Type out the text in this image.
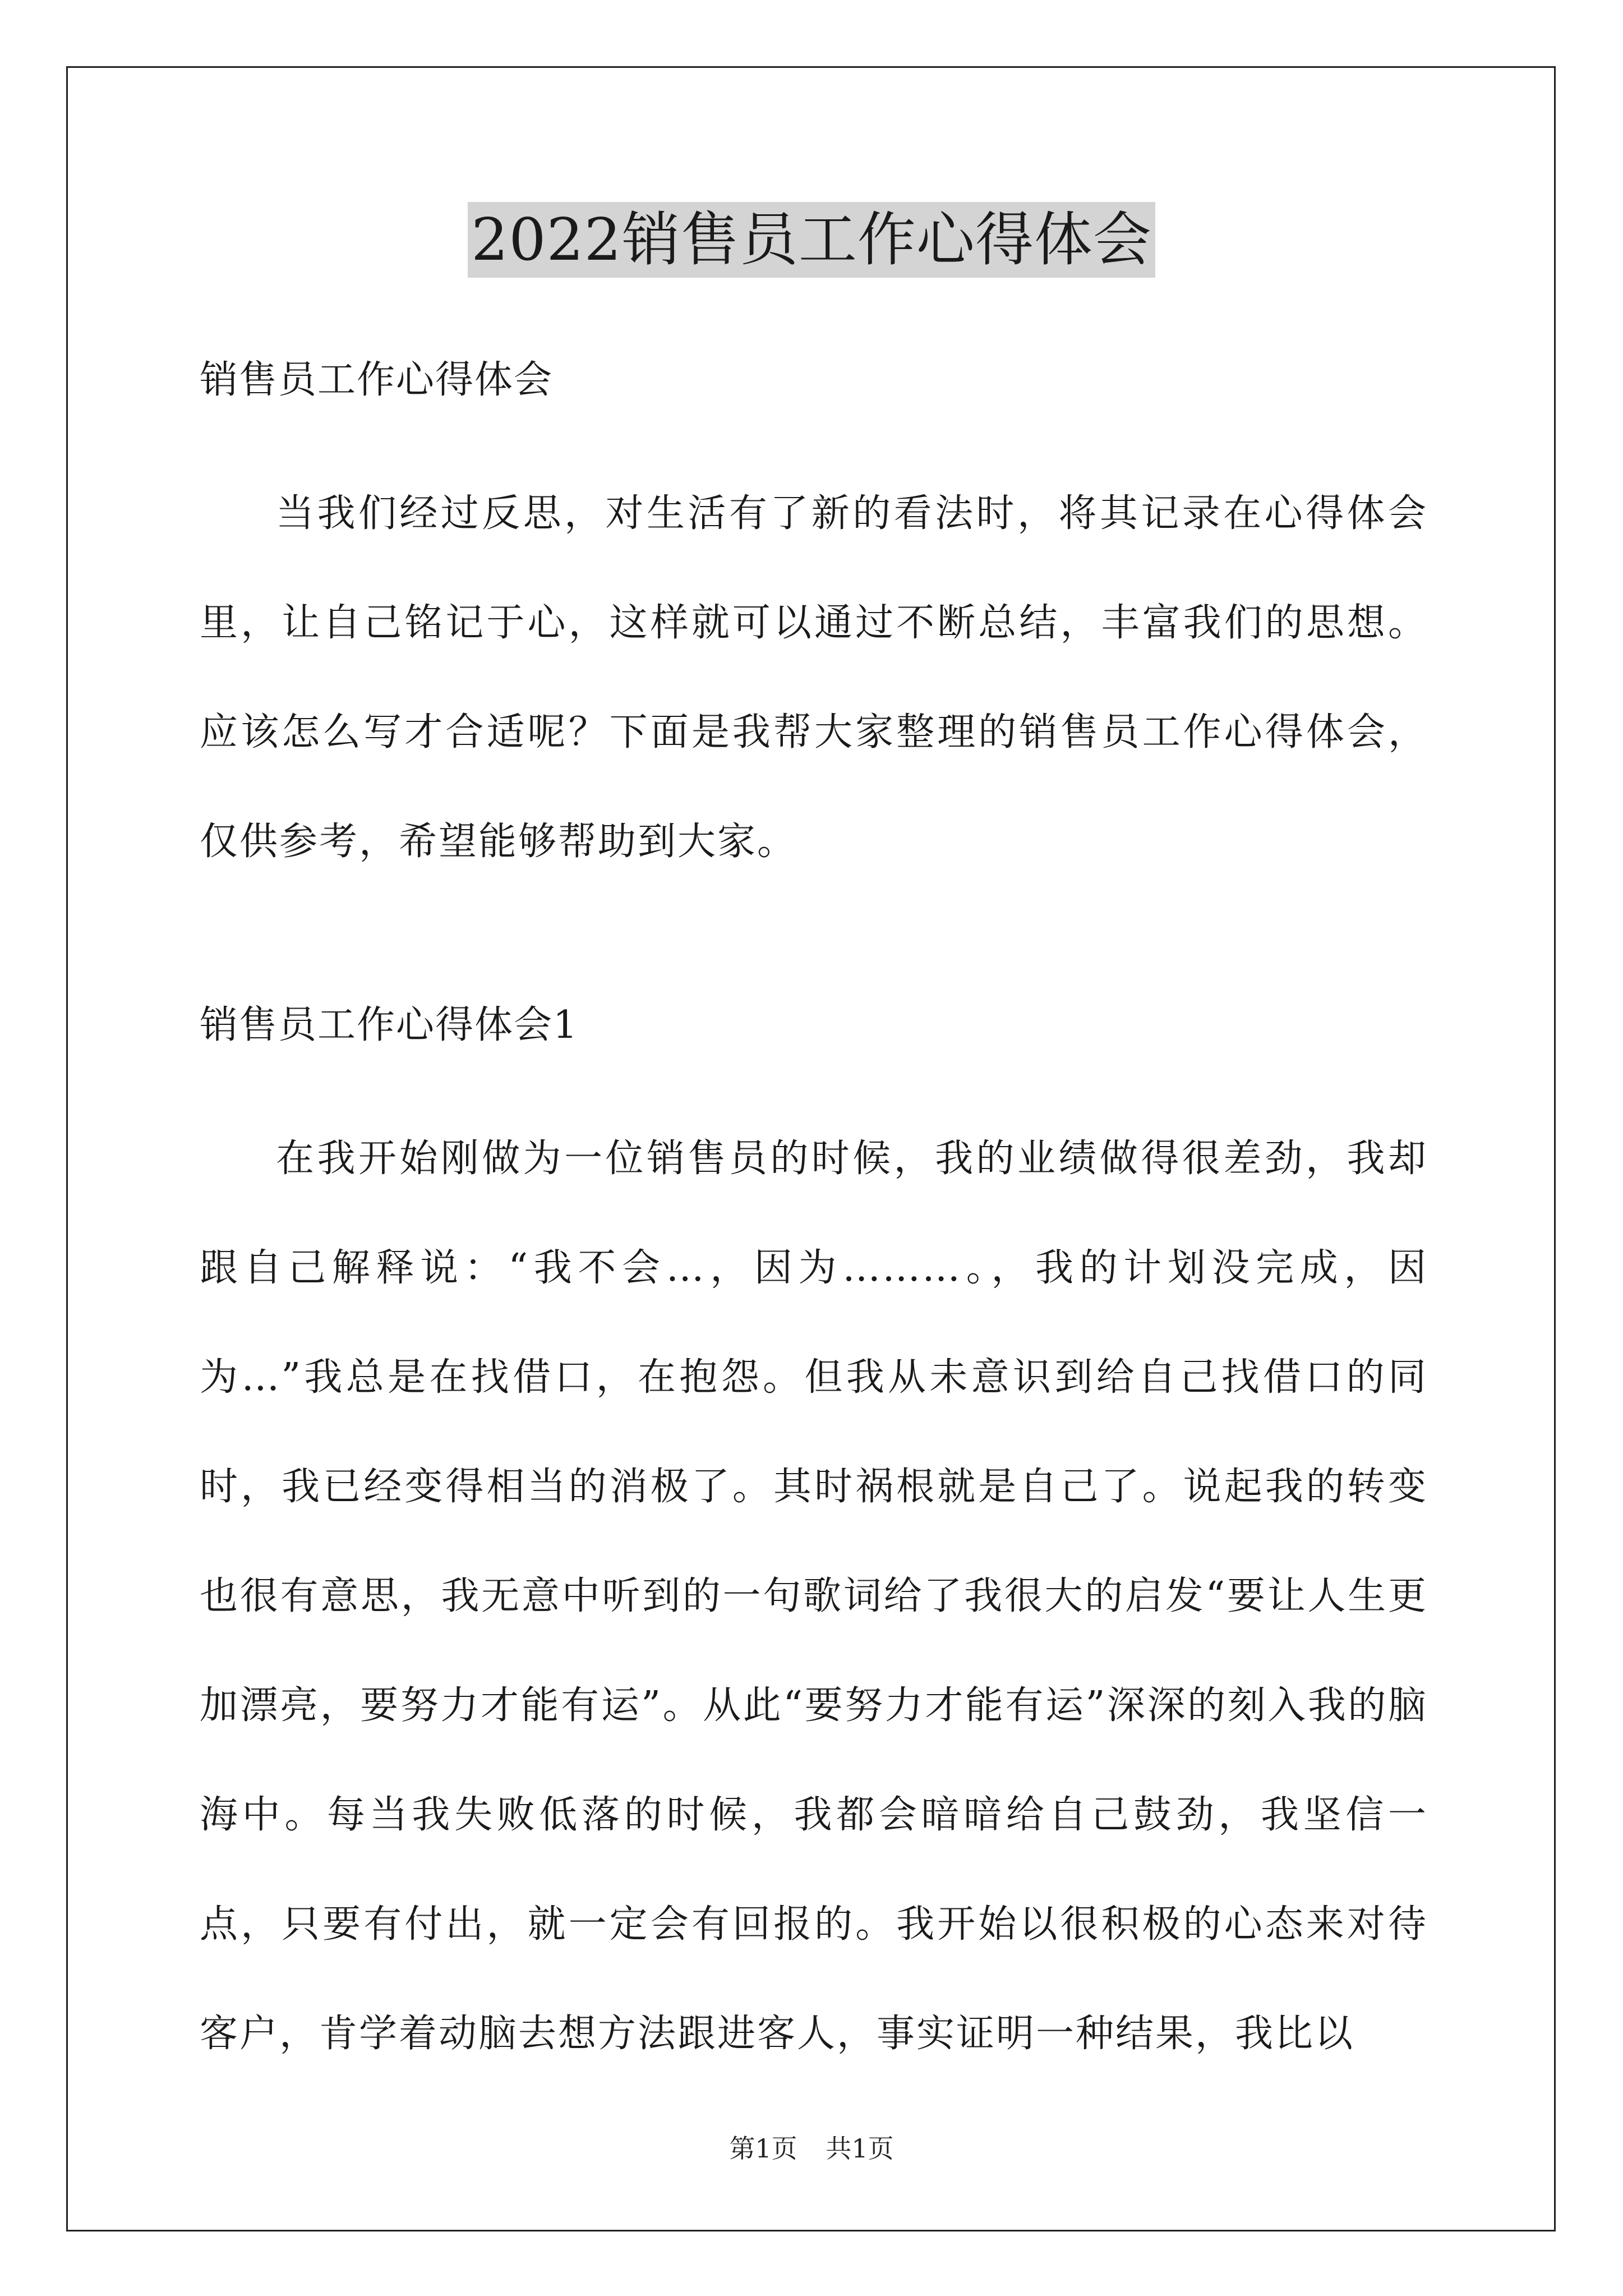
2022销售员工作心得体会

销售员工作心得体会

当我们经过反思，对生活有了新的看法时，将其记录在心得体会里，让自己铭记于心，这样就可以通过不断总结，丰富我们的思想。应该怎么写才合适呢？下面是我帮大家整理的销售员工作心得体会，仅供参考，希望能够帮助到大家。

销售员工作心得体会1

在我开始刚做为一位销售员的时候，我的业绩做得很差劲，我却跟自己解释说：“我不会…，因为………。，我的计划没完成，因为…”我总是在找借口，在抱怨。但我从未意识到给自己找借口的同时，我已经变得相当的消极了。其时祸根就是自己了。说起我的转变也很有意思，我无意中听到的一句歌词给了我很大的启发“要让人生更加漂亮，要努力才能有运”。从此“要努力才能有运”深深的刻入我的脑海中。每当我失败低落的时候，我都会暗暗给自己鼓劲，我坚信一点，只要有付出，就一定会有回报的。我开始以很积极的心态来对待客户，肯学着动脑去想方法跟进客人，事实证明一种结果，我比以

第1页 共1页
